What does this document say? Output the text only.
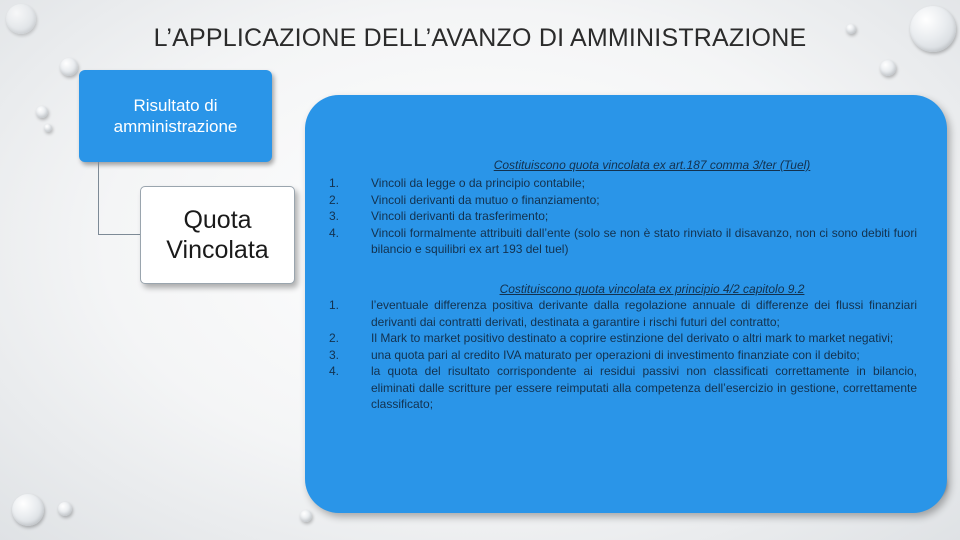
L’APPLICAZIONE DELL’AVANZO DI AMMINISTRAZIONE
Risultato di amministrazione
Quota Vincolata
Costituiscono quota vincolata ex art.187 comma 3/ter (Tuel)
1.	Vincoli da legge o da principio contabile;
2.	Vincoli derivanti da mutuo o finanziamento;
3.	Vincoli derivanti da trasferimento;
4.	Vincoli formalmente attribuiti dall’ente (solo se non è stato rinviato il disavanzo, non ci sono debiti fuori bilancio e squilibri ex art 193 del tuel)
Costituiscono quota vincolata ex principio 4/2 capitolo 9.2
1.	l’eventuale differenza positiva derivante dalla regolazione annuale di differenze dei flussi finanziari derivanti dai contratti derivati, destinata a garantire i rischi futuri del contratto;
2.	Il Mark to market positivo destinato a coprire estinzione del derivato o altri mark to market negativi;
3.	una quota pari al credito IVA maturato per operazioni di investimento finanziate con il debito;
4.	la quota del risultato corrispondente ai residui passivi non classificati correttamente in bilancio, eliminati dalle scritture per essere reimputati alla competenza dell’esercizio in gestione, correttamente classificato;
